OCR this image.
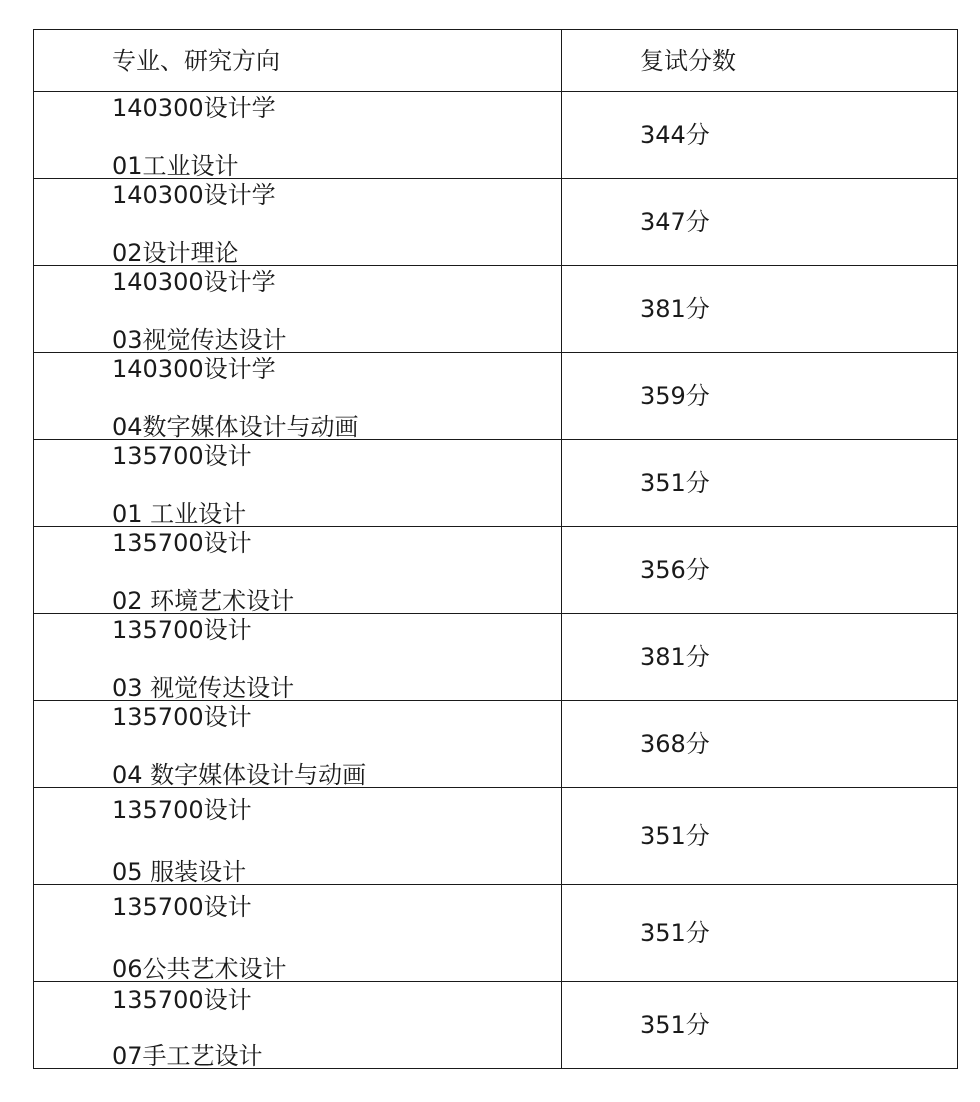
专业、研究方向	复试分数

140300设计学
01工业设计	344分

140300设计学
02设计理论	347分

140300设计学
03视觉传达设计	381分

140300设计学
04数字媒体设计与动画	359分

135700设计
01 工业设计	351分

135700设计
02 环境艺术设计	356分

135700设计
03 视觉传达设计	381分

135700设计
04 数字媒体设计与动画	368分

135700设计
05 服装设计	351分

135700设计
06公共艺术设计	351分

135700设计
07手工艺设计	351分
